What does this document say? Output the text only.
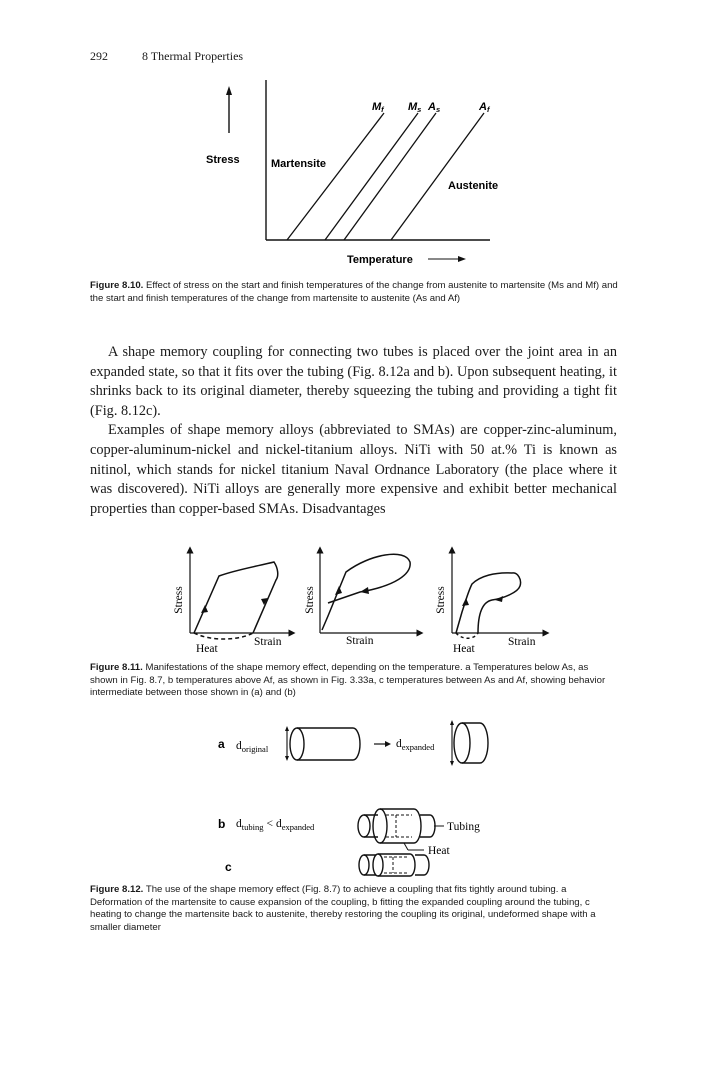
292	8 Thermal Properties
Stress	Martensite
Austenite
Temperature
Mf Ms As	Af
Figure 8.10. Effect of stress on the start and finish temperatures of the change from austenite to martensite (Ms and Mf) and the start and finish temperatures of the change from martensite to austenite (As and Af)

A shape memory coupling for connecting two tubes is placed over the joint area in an expanded state, so that it fits over the tubing (Fig. 8.12a and b). Upon subsequent heating, it shrinks back to its original diameter, thereby squeezing the tubing and providing a tight fit (Fig. 8.12c).

Examples of shape memory alloys (abbreviated to SMAs) are copper-zinc-aluminum, copper-aluminum-nickel and nickel-titanium alloys. NiTi with 50 at.% Ti is known as nitinol, which stands for nickel titanium Naval Ordnance Laboratory (the place where it was discovered). NiTi alloys are generally more expensive and exhibit better mechanical properties than copper-based SMAs. Disadvantages

Stress
Strain
Heat
Stress
Strain
Stress
Strain
Heat
Figure 8.11. Manifestations of the shape memory effect, depending on the temperature. a Temperatures below As, as shown in Fig. 8.7, b temperatures above Af, as shown in Fig. 3.33a, c temperatures between As and Af, showing behavior intermediate between those shown in (a) and (b)
a $d_{original}$	$d_{expanded}$
b $d_{tubing} < d_{expanded}$	Tubing
Heat
c
Figure 8.12. The use of the shape memory effect (Fig. 8.7) to achieve a coupling that fits tightly around tubing. a Deformation of the martensite to cause expansion of the coupling, b fitting the expanded coupling around the tubing, c heating to change the martensite back to austenite, thereby restoring the coupling its original, undeformed shape with a smaller diameter
